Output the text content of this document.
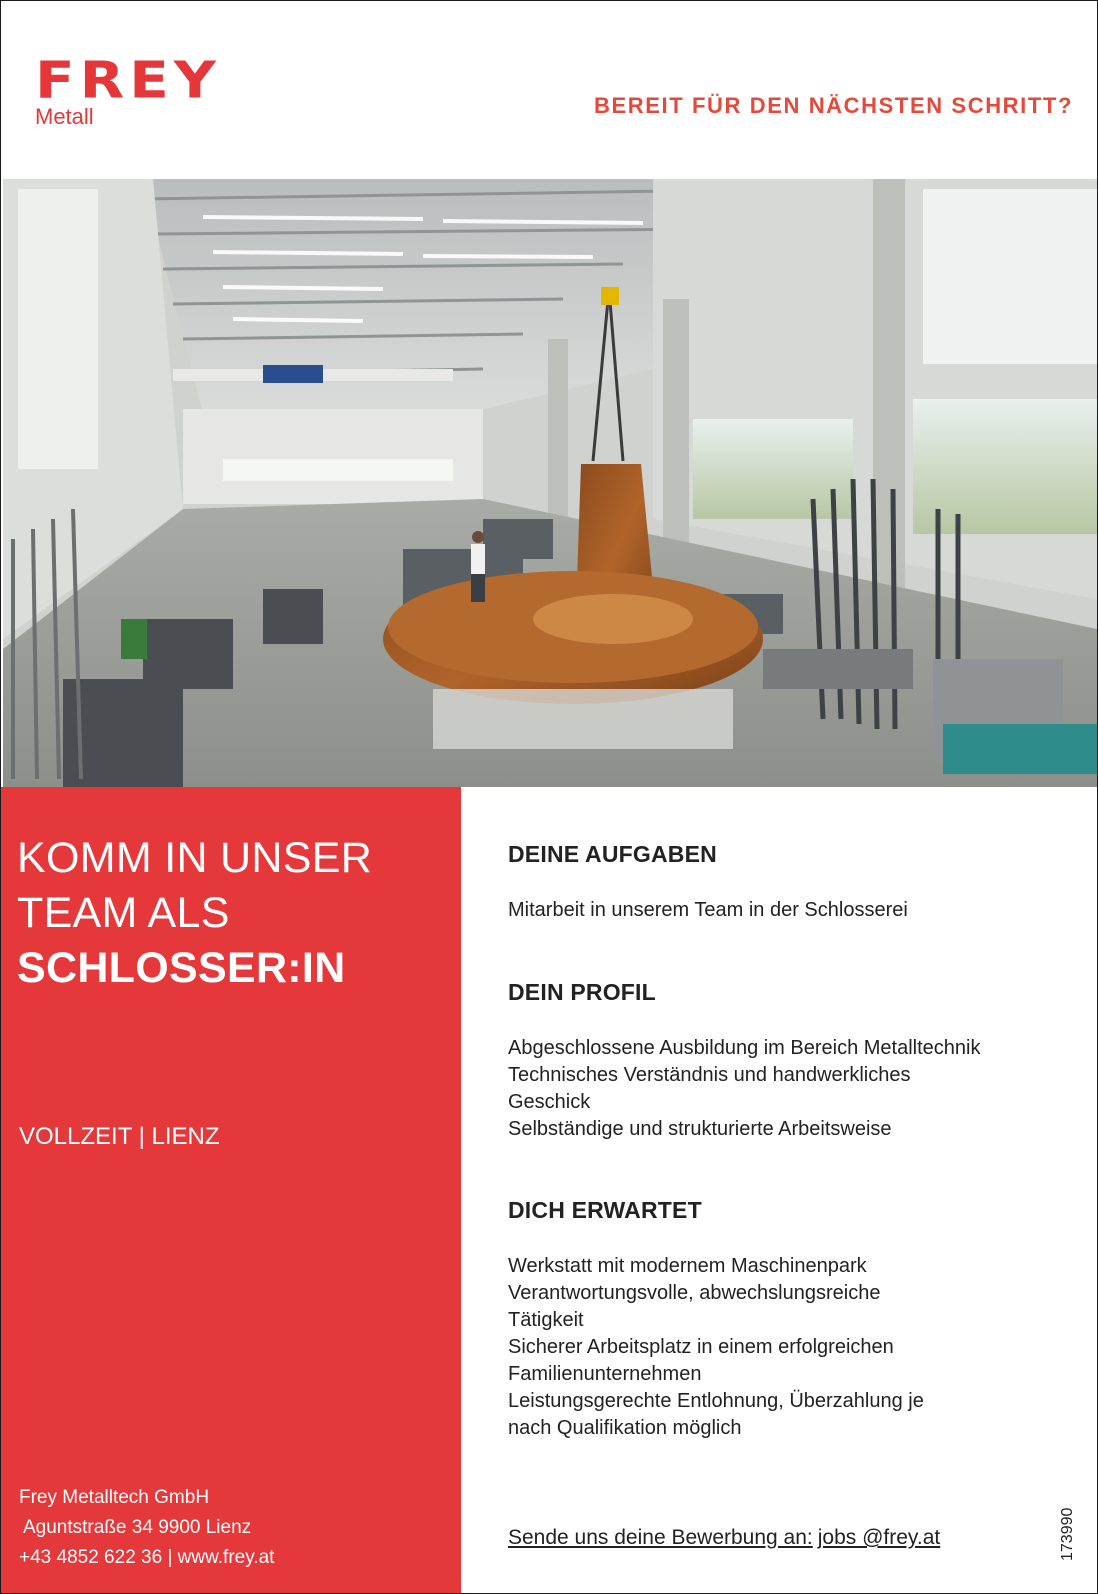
FREY
Metall	BEREIT FÜR DEN NÄCHSTEN SCHRITT?
KOMM IN UNSER
TEAM ALS
SCHLOSSER:IN
VOLLZEIT | LIENZ
Frey Metalltech GmbH
Aguntstraße 34 9900 Lienz
+43 4852 622 36 | www.frey.at
DEINE AUFGABEN
Mitarbeit in unserem Team in der Schlosserei
DEIN PROFIL
Abgeschlossene Ausbildung im Bereich Metalltechnik
Technisches Verständnis und handwerkliches
Geschick
Selbständige und strukturierte Arbeitsweise
DICH ERWARTET
Werkstatt mit modernem Maschinenpark
Verantwortungsvolle, abwechslungsreiche
Tätigkeit
Sicherer Arbeitsplatz in einem erfolgreichen
Familienunternehmen
Leistungsgerechte Entlohnung, Überzahlung je
nach Qualifikation möglich
Sende uns deine Bewerbung an: jobs @frey.at	173990
